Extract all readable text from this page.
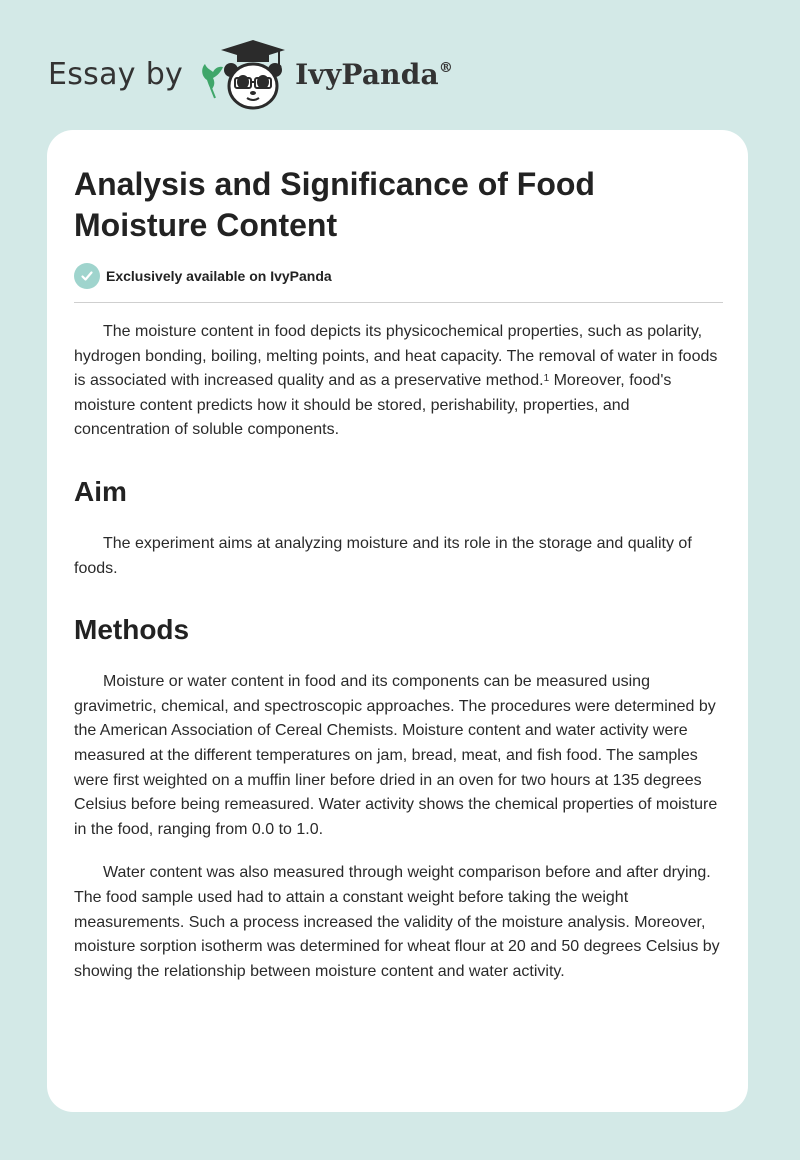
Essay by	IvyPanda®
Analysis and Significance of Food Moisture Content
Exclusively available on IvyPanda

The moisture content in food depicts its physicochemical properties, such as polarity, hydrogen bonding, boiling, melting points, and heat capacity. The removal of water in foods is associated with increased quality and as a preservative method.$^1$ Moreover, food's moisture content predicts how it should be stored, perishability, properties, and concentration of soluble components.

Aim

The experiment aims at analyzing moisture and its role in the storage and quality of foods.

Methods

Moisture or water content in food and its components can be measured using gravimetric, chemical, and spectroscopic approaches. The procedures were determined by the American Association of Cereal Chemists. Moisture content and water activity were measured at the different temperatures on jam, bread, meat, and fish food. The samples were first weighted on a muffin liner before dried in an oven for two hours at 135 degrees Celsius before being remeasured. Water activity shows the chemical properties of moisture in the food, ranging from 0.0 to 1.0.

Water content was also measured through weight comparison before and after drying. The food sample used had to attain a constant weight before taking the weight measurements. Such a process increased the validity of the moisture analysis. Moreover, moisture sorption isotherm was determined for wheat flour at 20 and 50 degrees Celsius by showing the relationship between moisture content and water activity.
